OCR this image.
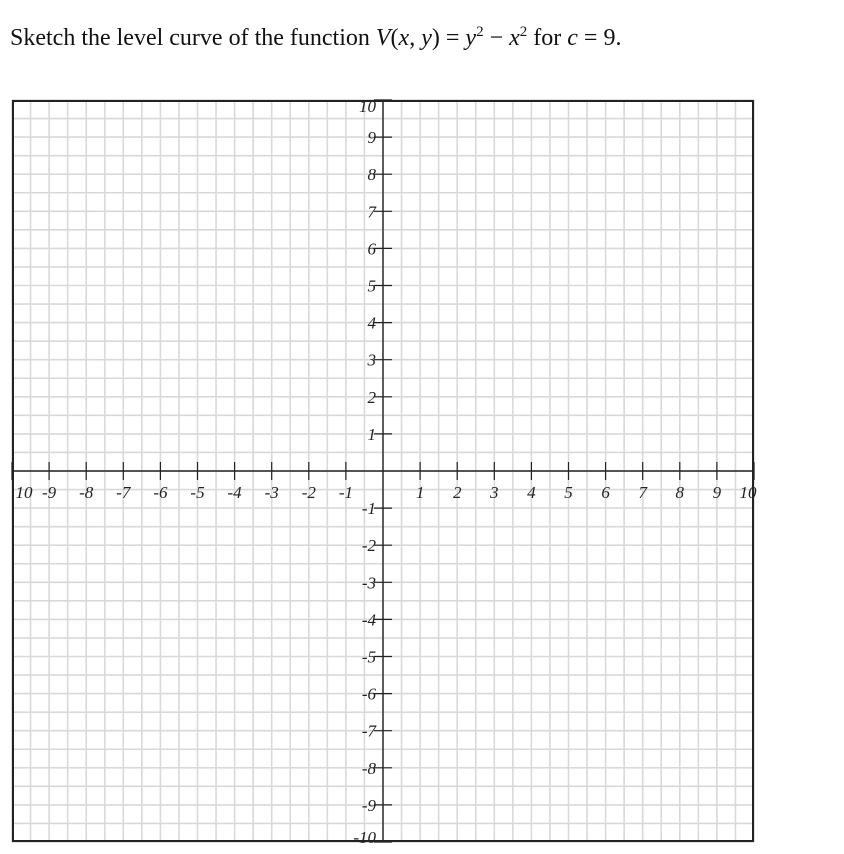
Sketch the level curve of the function V(x, $y) = y^2 - x^2$ for c = 9.
10 -9 -8 -7 -6 -5 -4 -3 -2 -1	1 2 3 4 5 6 7 8 9 10
10
9
8
7
6
5
4
3
2
1
-1
-2
-3
-4
-5
-6
-7
-8
-9
-10
